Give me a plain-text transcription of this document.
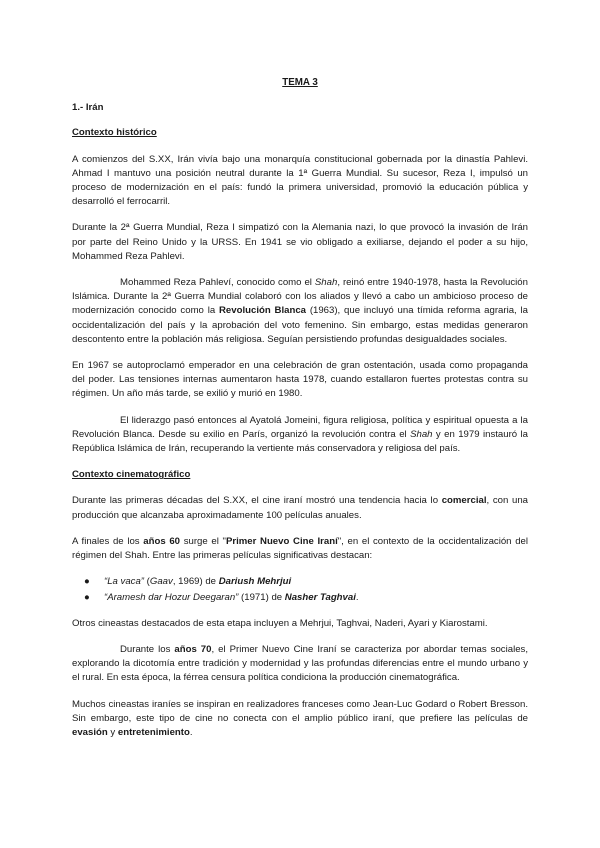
TEMA 3
1.- Irán
Contexto histórico

A comienzos del S.XX, Irán vivía bajo una monarquía constitucional gobernada por la dinastía Pahlevi. Ahmad I mantuvo una posición neutral durante la 1ª Guerra Mundial. Su sucesor, Reza I, impulsó un proceso de modernización en el país: fundó la primera universidad, promovió la educación pública y desarrolló el ferrocarril.

Durante la 2ª Guerra Mundial, Reza I simpatizó con la Alemania nazi, lo que provocó la invasión de Irán por parte del Reino Unido y la URSS. En 1941 se vio obligado a exiliarse, dejando el poder a su hijo, Mohammed Reza Pahlevi.

Mohammed Reza Pahleví, conocido como el Shah, reinó entre 1940-1978, hasta la Revolución Islámica. Durante la 2ª Guerra Mundial colaboró con los aliados y llevó a cabo un ambicioso proceso de modernización conocido como la Revolución Blanca (1963), que incluyó una tímida reforma agraria, la occidentalización del país y la aprobación del voto femenino. Sin embargo, estas medidas generaron descontento entre la población más religiosa. Seguían persistiendo profundas desigualdades sociales.

En 1967 se autoproclamó emperador en una celebración de gran ostentación, usada como propaganda del poder. Las tensiones internas aumentaron hasta 1978, cuando estallaron fuertes protestas contra su régimen. Un año más tarde, se exilió y murió en 1980.

El liderazgo pasó entonces al Ayatolá Jomeini, figura religiosa, política y espiritual opuesta a la Revolución Blanca. Desde su exilio en París, organizó la revolución contra el Shah y en 1979 instauró la República Islámica de Irán, recuperando la vertiente más conservadora y religiosa del país.

Contexto cinematográfico

Durante las primeras décadas del S.XX, el cine iraní mostró una tendencia hacia lo comercial, con una producción que alcanzaba aproximadamente 100 películas anuales.

A finales de los años 60 surge el "Primer Nuevo Cine Iraní", en el contexto de la occidentalización del régimen del Shah. Entre las primeras películas significativas destacan:

● “La vaca” (Gaav, 1969) de Dariush Mehrjui
● “Aramesh dar Hozur Deegaran” (1971) de Nasher Taghvai.

Otros cineastas destacados de esta etapa incluyen a Mehrjui, Taghvai, Naderi, Ayari y Kiarostami.

Durante los años 70, el Primer Nuevo Cine Iraní se caracteriza por abordar temas sociales, explorando la dicotomía entre tradición y modernidad y las profundas diferencias entre el mundo urbano y el rural. En esta época, la férrea censura política condiciona la producción cinematográfica.

Muchos cineastas iraníes se inspiran en realizadores franceses como Jean-Luc Godard o Robert Bresson. Sin embargo, este tipo de cine no conecta con el amplio público iraní, que prefiere las películas de evasión y entretenimiento.
